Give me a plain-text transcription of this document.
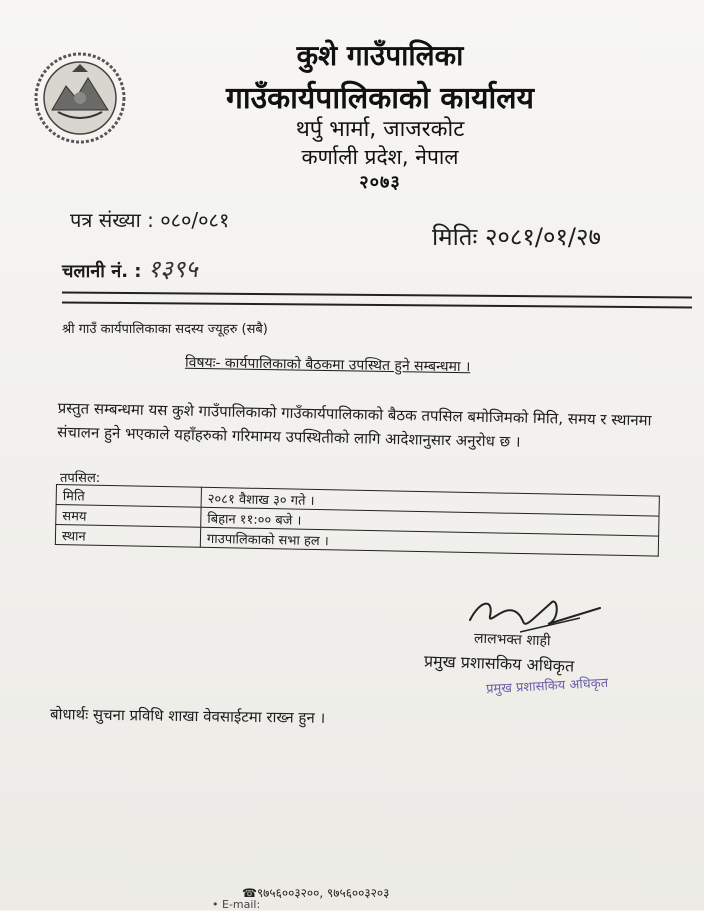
कुशे गाउँपालिका
गाउँकार्यपालिकाको कार्यालय
थर्पु भार्मा, जाजरकोट
कर्णाली प्रदेश, नेपाल
२०७३
पत्र संख्या : ०८०/०८१
मितिः २०८१/०१/२७
चलानी नं. : १३९५
श्री गाउँ कार्यपालिकाका सदस्य ज्यूहरु (सबै)
विषयः- कार्यपालिकाको बैठकमा उपस्थित हुने सम्बन्धमा ।
प्रस्तुत सम्बन्धमा यस कुशे गाउँपालिकाको गाउँकार्यपालिकाको बैठक तपसिल बमोजिमको मिति, समय र स्थानमा संचालन हुने भएकाले यहाँहरुको गरिमामय उपस्थितीको लागि आदेशानुसार अनुरोध छ ।
तपसिल:
मिति	२०८१ वैशाख ३० गते ।
समय	बिहान ११:०० बजे ।
स्थान	गाउपालिकाको सभा हल ।
लालभक्त शाही
प्रमुख प्रशासकिय अधिकृत
प्रमुख प्रशासकिय अधिकृत
बोधार्थः सुचना प्रविधि शाखा वेवसाईटमा राख्न हुन ।
☎९७५६००३२००, ९७५६००३२०३
• E-mail:
